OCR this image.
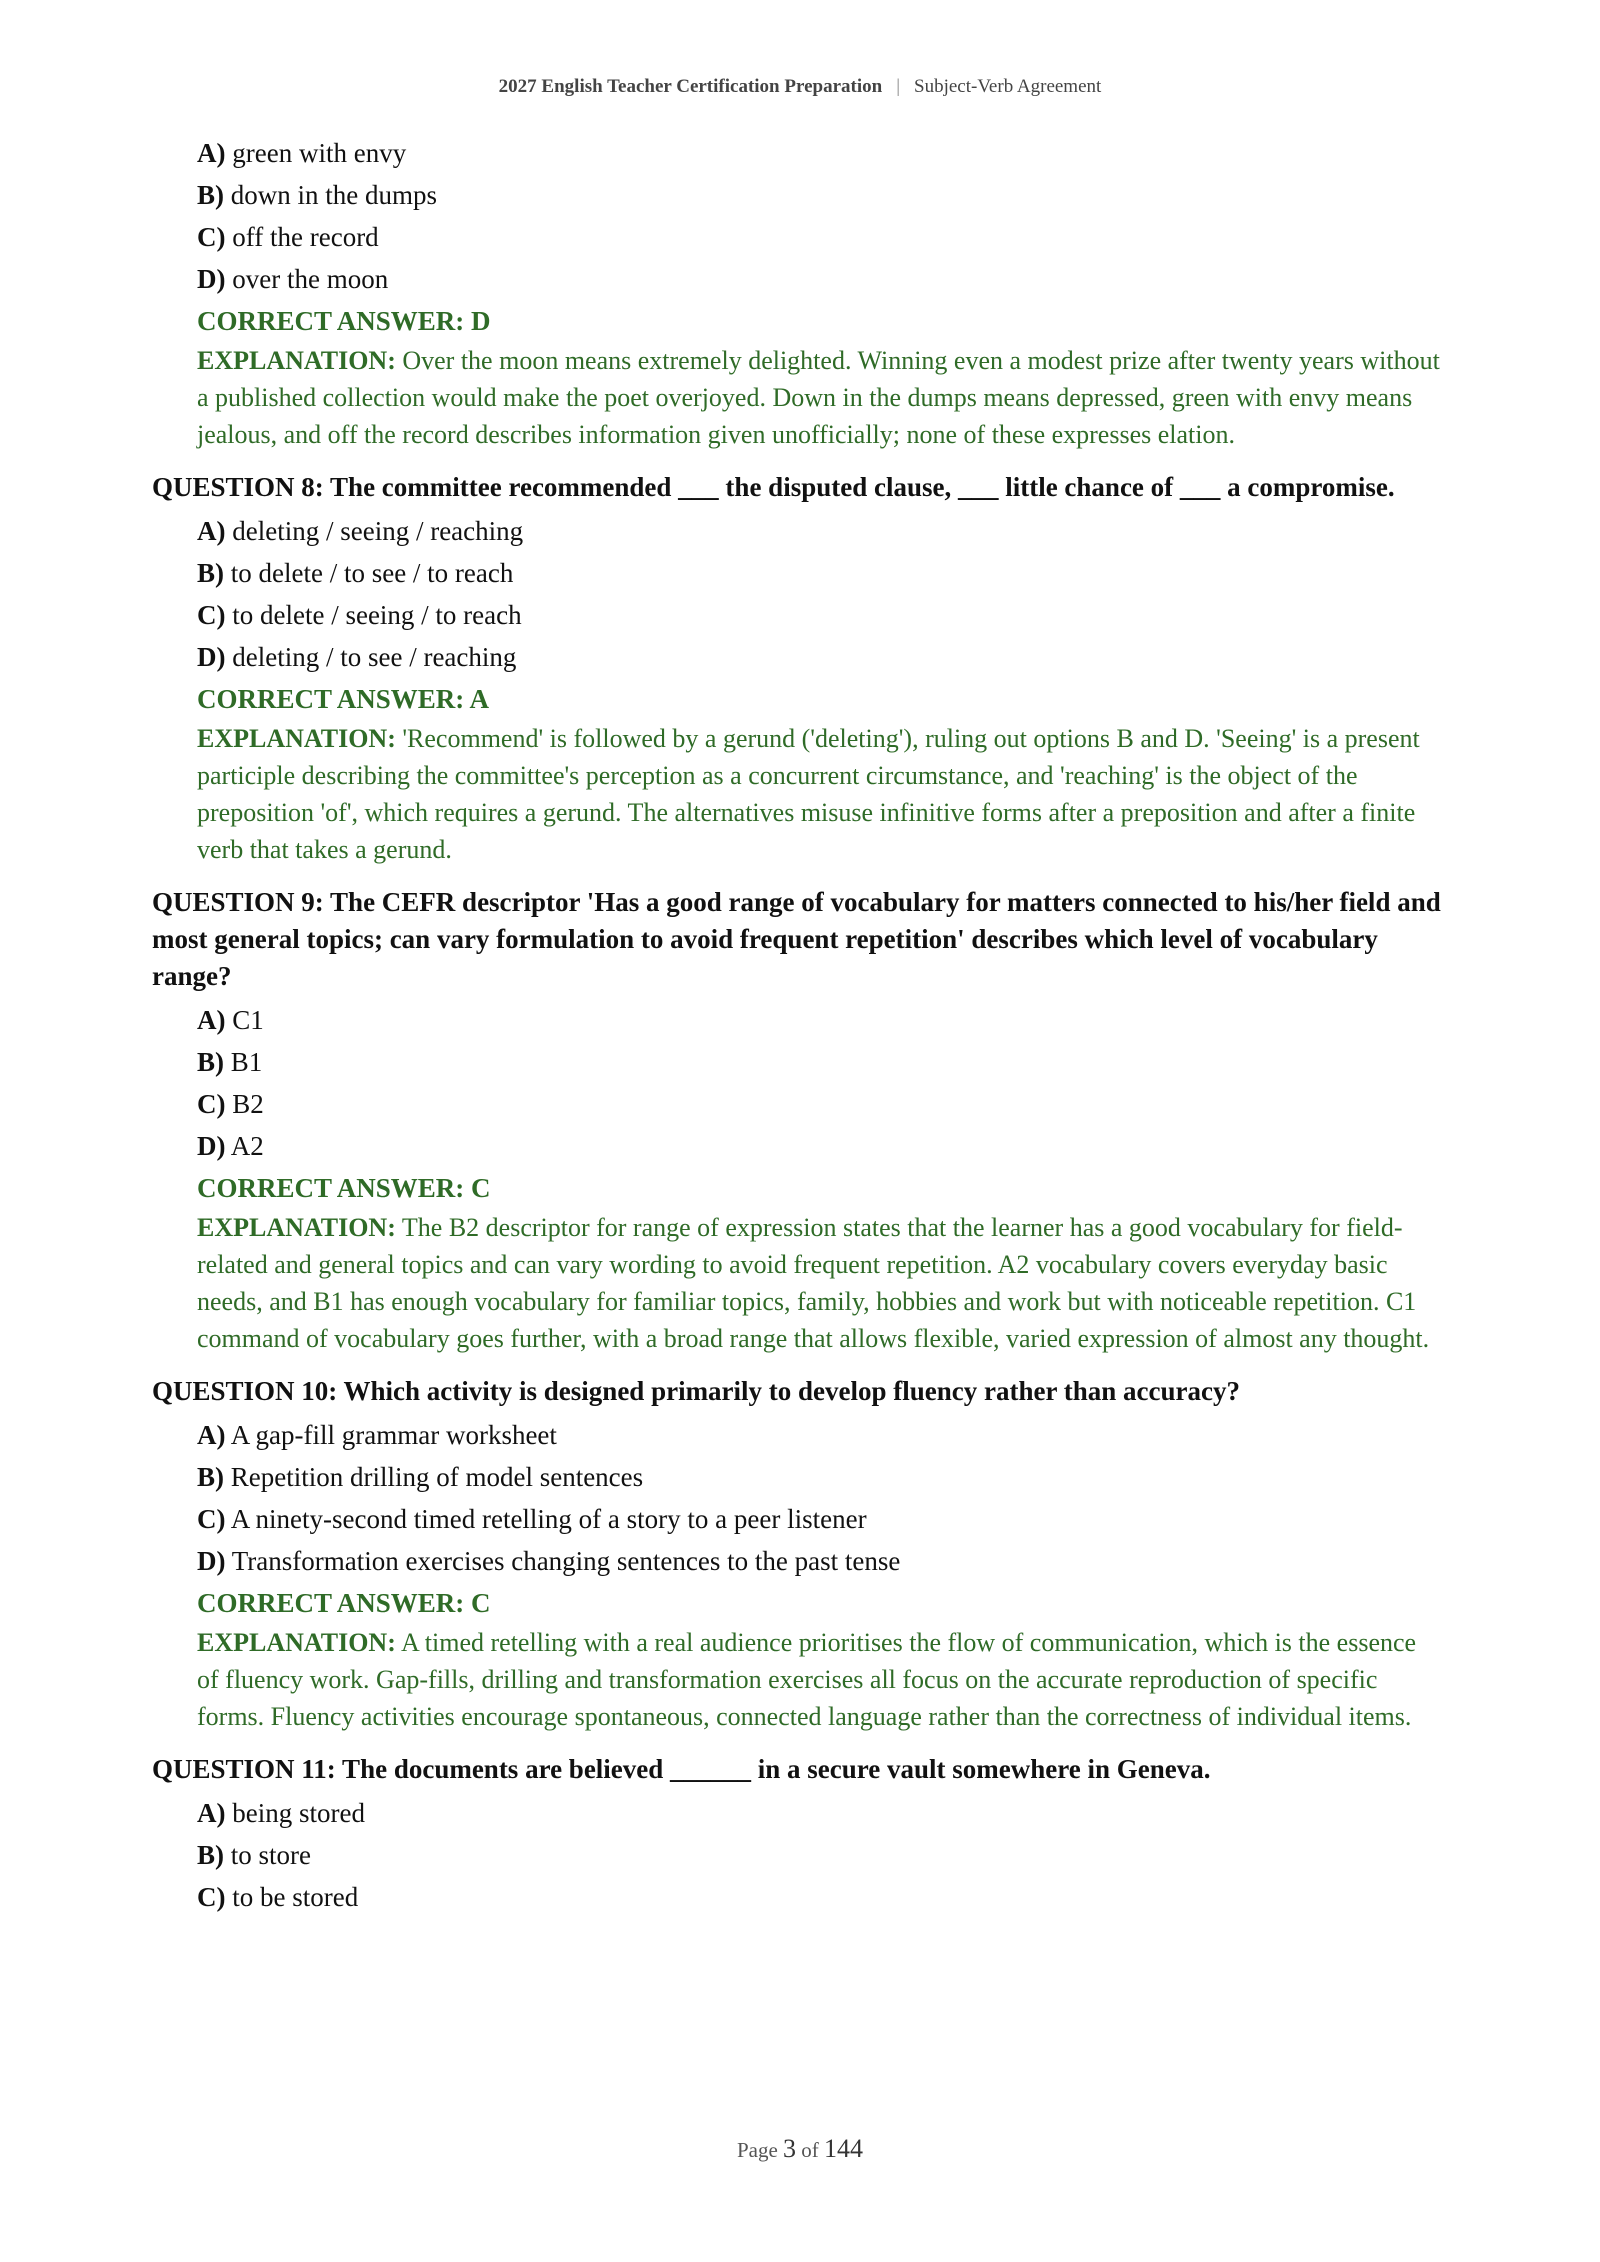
2027 English Teacher Certification Preparation | Subject-Verb Agreement
A) green with envy
B) down in the dumps
C) off the record
D) over the moon
CORRECT ANSWER: D
EXPLANATION: Over the moon means extremely delighted. Winning even a modest prize after twenty years without a published collection would make the poet overjoyed. Down in the dumps means depressed, green with envy means jealous, and off the record describes information given unofficially; none of these expresses elation.
QUESTION 8: The committee recommended ___ the disputed clause, ___ little chance of ___ a compromise.
A) deleting / seeing / reaching
B) to delete / to see / to reach
C) to delete / seeing / to reach
D) deleting / to see / reaching
CORRECT ANSWER: A
EXPLANATION: 'Recommend' is followed by a gerund ('deleting'), ruling out options B and D. 'Seeing' is a present participle describing the committee's perception as a concurrent circumstance, and 'reaching' is the object of the preposition 'of', which requires a gerund. The alternatives misuse infinitive forms after a preposition and after a finite verb that takes a gerund.
QUESTION 9: The CEFR descriptor 'Has a good range of vocabulary for matters connected to his/her field and most general topics; can vary formulation to avoid frequent repetition' describes which level of vocabulary range?
A) C1
B) B1
C) B2
D) A2
CORRECT ANSWER: C
EXPLANATION: The B2 descriptor for range of expression states that the learner has a good vocabulary for field-related and general topics and can vary wording to avoid frequent repetition. A2 vocabulary covers everyday basic needs, and B1 has enough vocabulary for familiar topics, family, hobbies and work but with noticeable repetition. C1 command of vocabulary goes further, with a broad range that allows flexible, varied expression of almost any thought.
QUESTION 10: Which activity is designed primarily to develop fluency rather than accuracy?
A) A gap-fill grammar worksheet
B) Repetition drilling of model sentences
C) A ninety-second timed retelling of a story to a peer listener
D) Transformation exercises changing sentences to the past tense
CORRECT ANSWER: C
EXPLANATION: A timed retelling with a real audience prioritises the flow of communication, which is the essence of fluency work. Gap-fills, drilling and transformation exercises all focus on the accurate reproduction of specific forms. Fluency activities encourage spontaneous, connected language rather than the correctness of individual items.
QUESTION 11: The documents are believed ______ in a secure vault somewhere in Geneva.
A) being stored
B) to store
C) to be stored
Page 3 of 144
